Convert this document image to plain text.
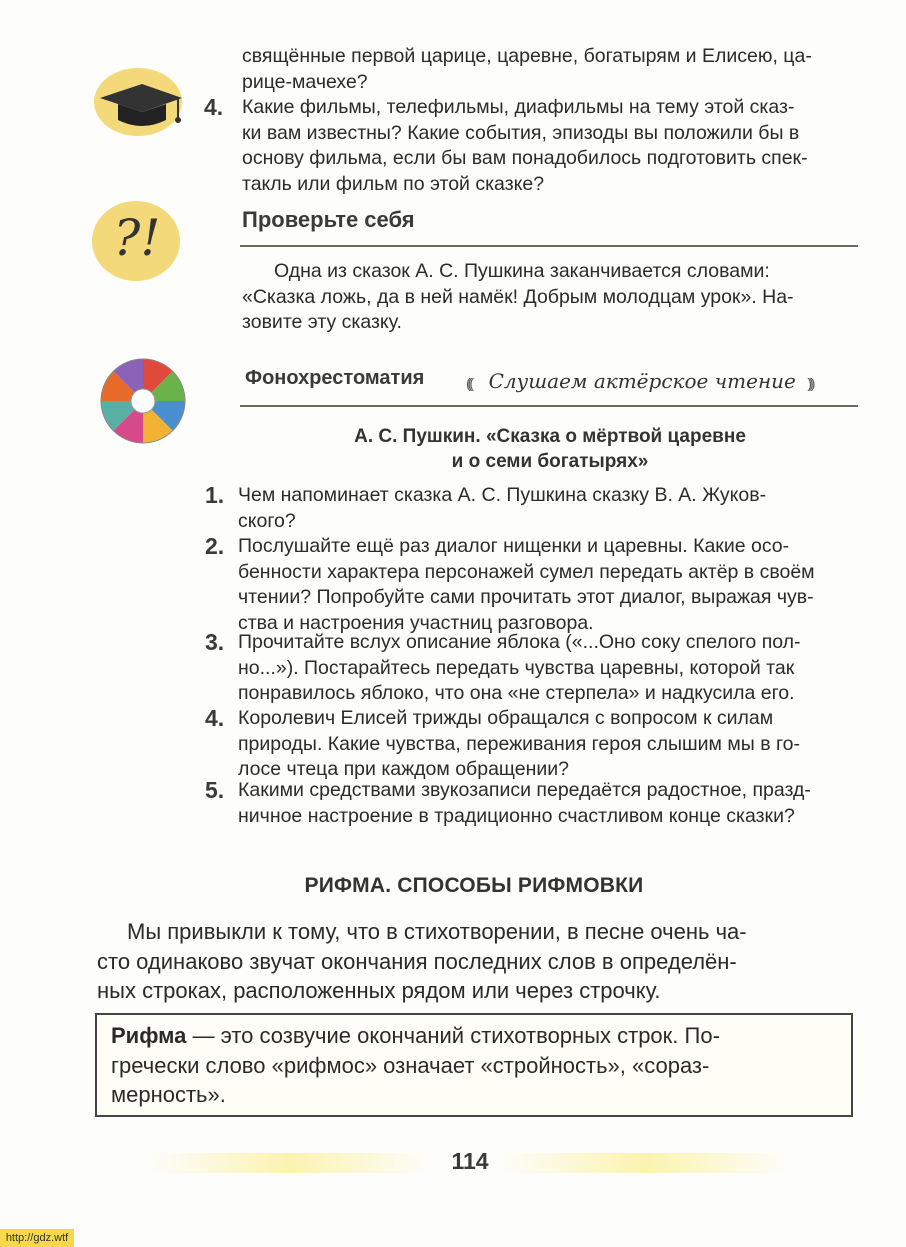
свящённые первой царице, царевне, богатырям и Елисею, ца-
рице-мачехе?
4. Какие фильмы, телефильмы, диафильмы на тему этой сказ-
ки вам известны? Какие события, эпизоды вы положили бы в
основу фильма, если бы вам понадобилось подготовить спек-
такль или фильм по этой сказке?
?!	Проверьте себя
Одна из сказок А. С. Пушкина заканчивается словами:
«Сказка ложь, да в ней намёк! Добрым молодцам урок». На-
зовите эту сказку.
Фонохрестоматия	((( Слушаем актёрское чтение )))
А. С. Пушкин. «Сказка о мёртвой царевне
и о семи богатырях»
1. Чем напоминает сказка А. С. Пушкина сказку В. А. Жуков-
ского?
2. Послушайте ещё раз диалог нищенки и царевны. Какие осо-
бенности характера персонажей сумел передать актёр в своём
чтении? Попробуйте сами прочитать этот диалог, выражая чув-
ства и настроения участниц разговора.
3. Прочитайте вслух описание яблока («...Оно соку спелого пол-
но...»). Постарайтесь передать чувства царевны, которой так
понравилось яблоко, что она «не стерпела» и надкусила его.
4. Королевич Елисей трижды обращался с вопросом к силам
природы. Какие чувства, переживания героя слышим мы в го-
лосе чтеца при каждом обращении?
5. Какими средствами звукозаписи передаётся радостное, празд-
ничное настроение в традиционно счастливом конце сказки?
РИФМА. СПОСОБЫ РИФМОВКИ
Мы привыкли к тому, что в стихотворении, в песне очень ча-
сто одинаково звучат окончания последних слов в определён-
ных строках, расположенных рядом или через строчку.
Рифма — это созвучие окончаний стихотворных строк. По-
гречески слово «рифмос» означает «стройность», «сораз-
мерность».
114
http://gdz.wtf
